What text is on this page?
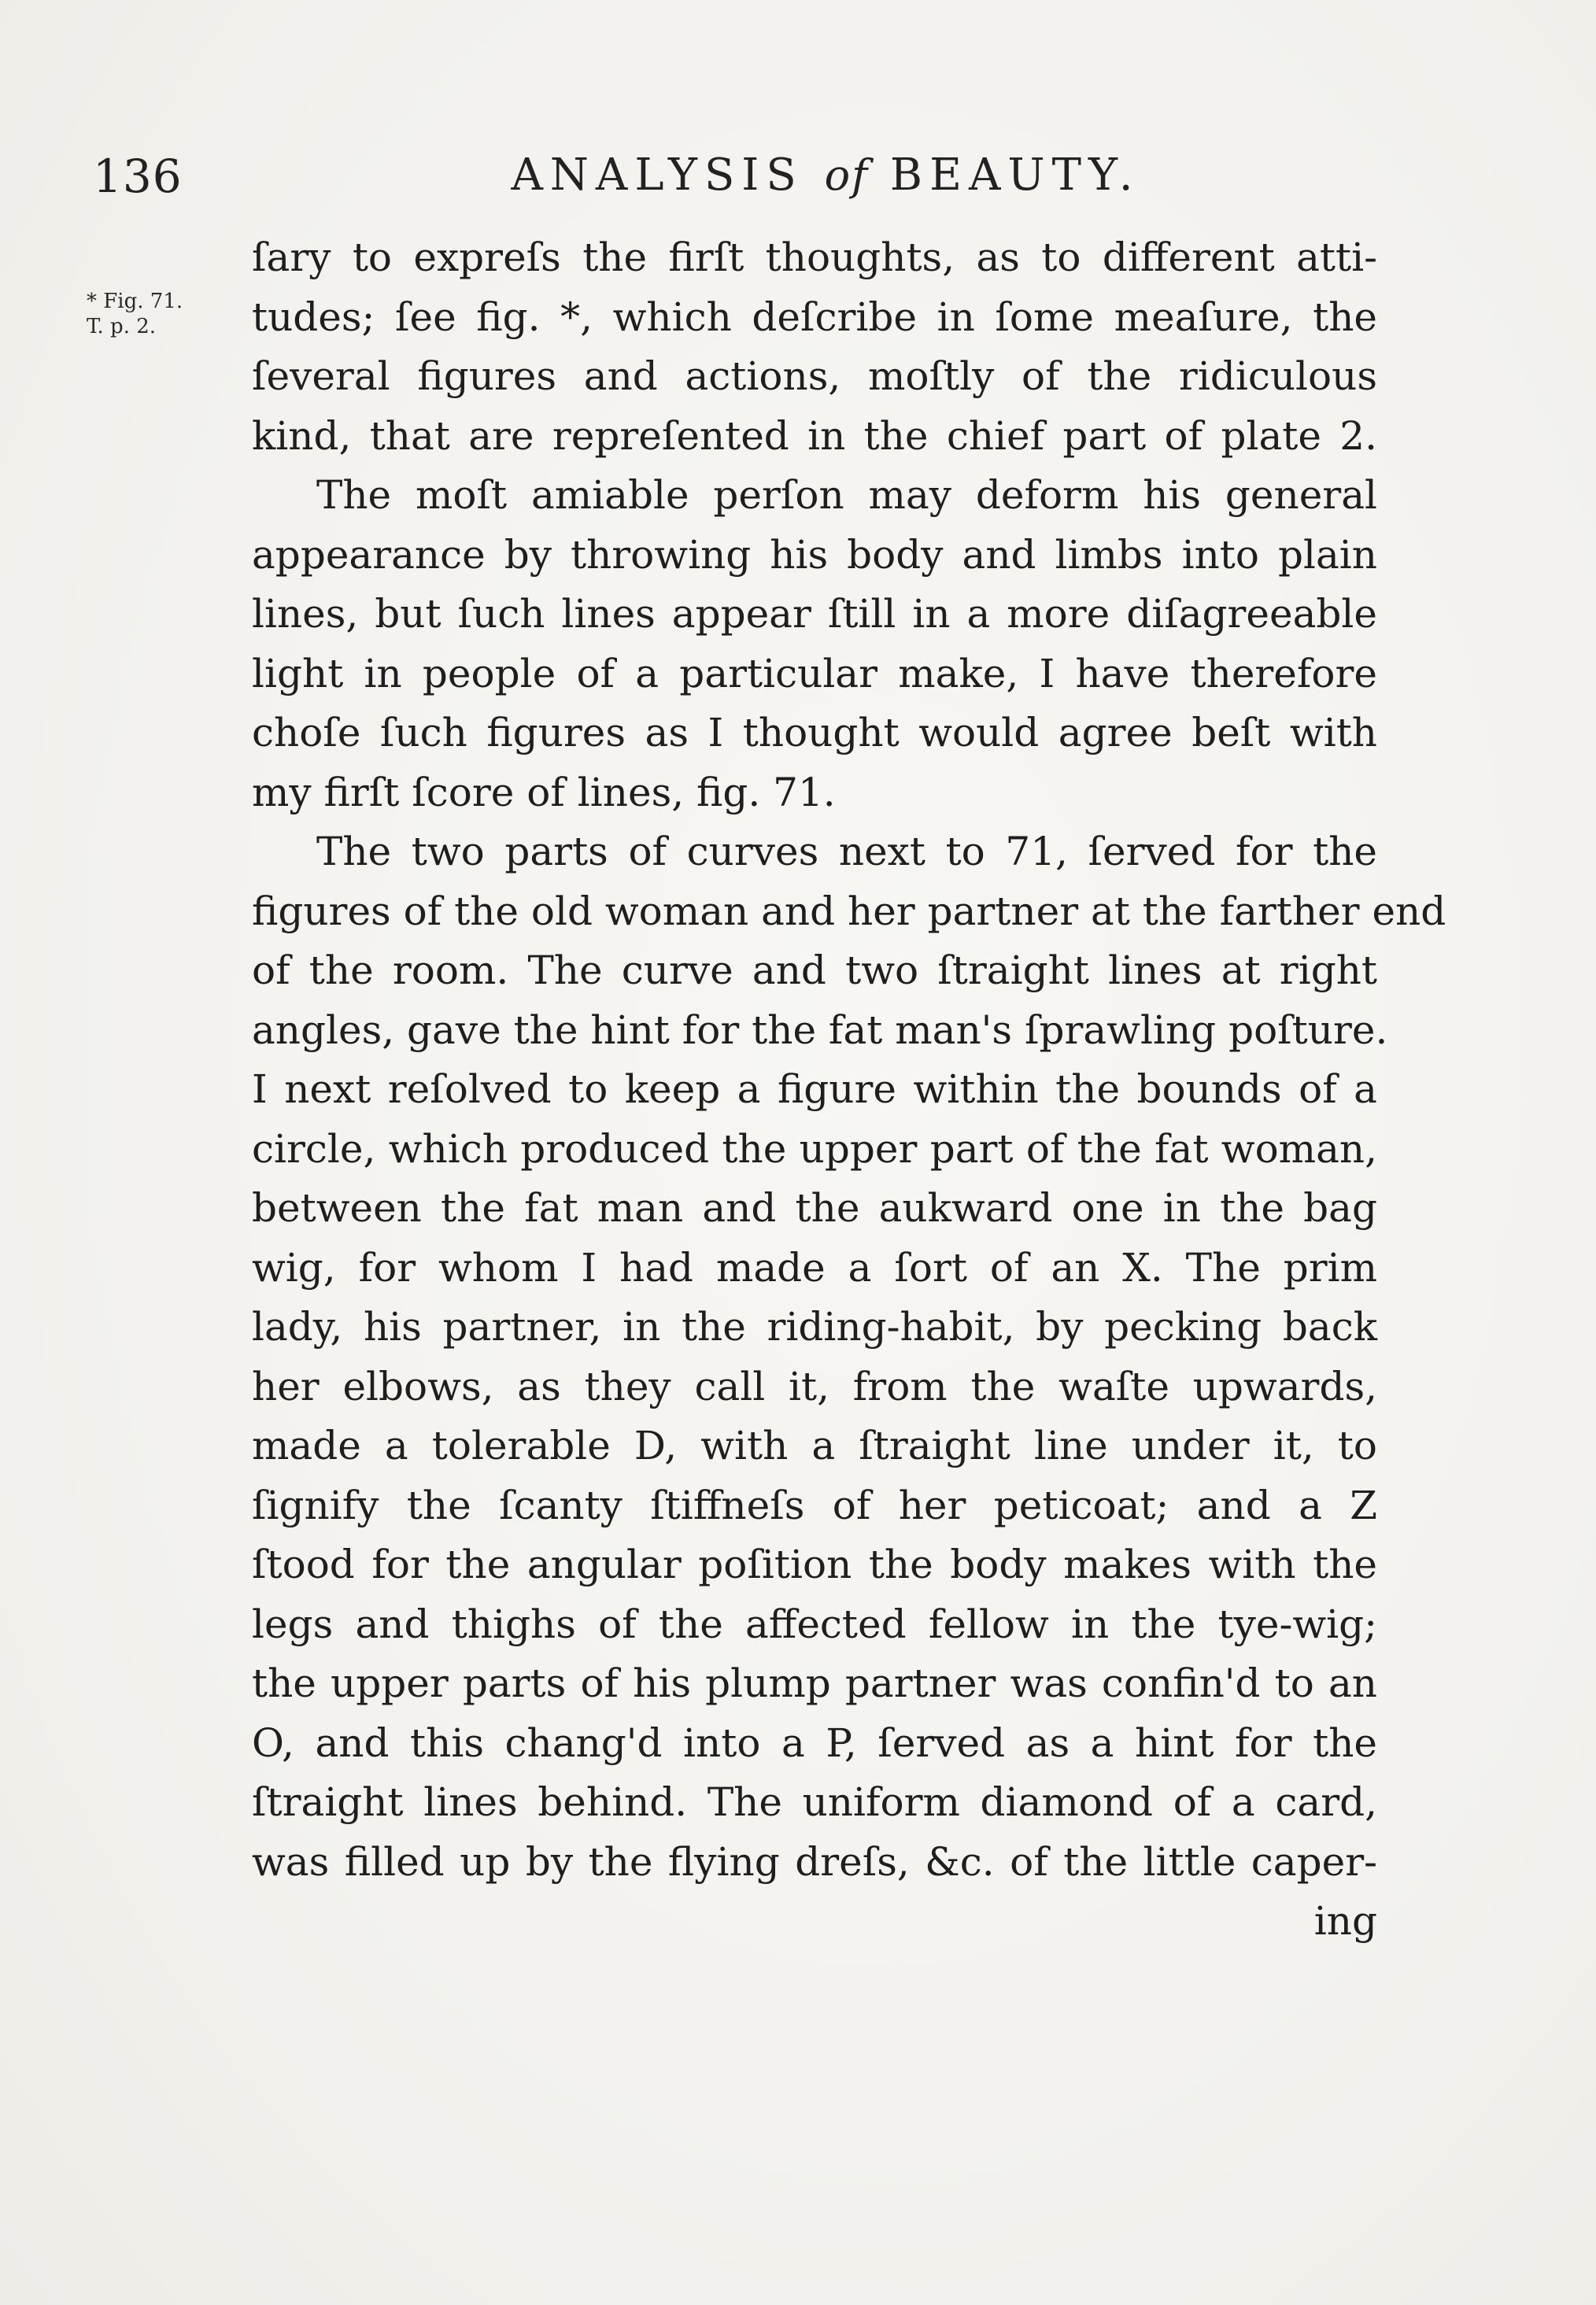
136	ANALYSIS of BEAUTY.
* Fig. 71.
T. p. 2.
ſary to expreſs the firſt thoughts, as to different atti-
tudes; ſee fig. *, which deſcribe in ſome meaſure, the
ſeveral figures and actions, moſtly of the ridiculous
kind, that are repreſented in the chief part of plate 2.
The moſt amiable perſon may deform his general
appearance by throwing his body and limbs into plain
lines, but ſuch lines appear ſtill in a more diſagreeable
light in people of a particular make, I have therefore
choſe ſuch figures as I thought would agree beſt with
my firſt ſcore of lines, fig. 71.
The two parts of curves next to 71, ſerved for the
figures of the old woman and her partner at the farther end
of the room. The curve and two ſtraight lines at right
angles, gave the hint for the fat man's ſprawling poſture.
I next reſolved to keep a figure within the bounds of a
circle, which produced the upper part of the fat woman,
between the fat man and the aukward one in the bag
wig, for whom I had made a ſort of an X. The prim
lady, his partner, in the riding-habit, by pecking back
her elbows, as they call it, from the waſte upwards,
made a tolerable D, with a ſtraight line under it, to
ſignify the ſcanty ſtiffneſs of her peticoat; and a Z
ſtood for the angular poſition the body makes with the
legs and thighs of the affected fellow in the tye-wig;
the upper parts of his plump partner was confin'd to an
O, and this chang'd into a P, ſerved as a hint for the
ſtraight lines behind. The uniform diamond of a card,
was filled up by the flying dreſs, &c. of the little caper-
ing
